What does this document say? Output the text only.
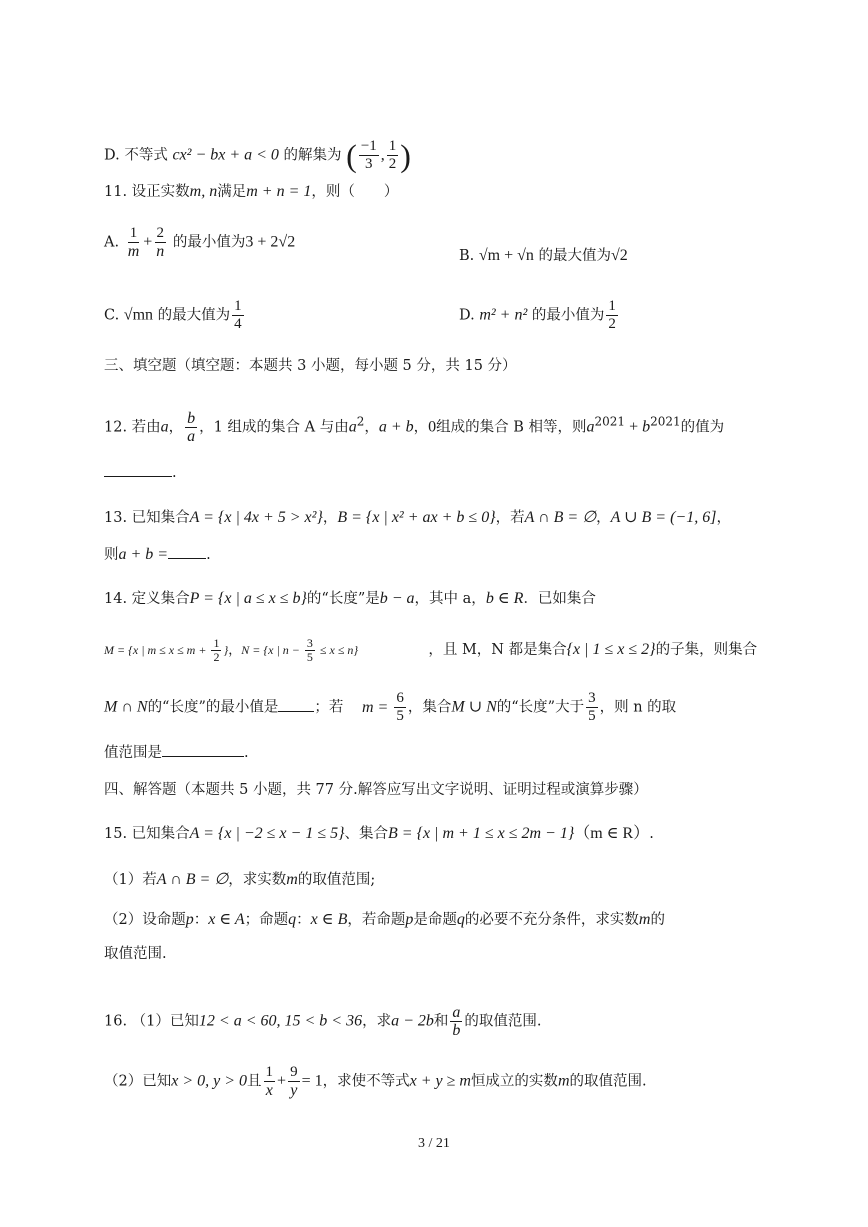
D. 不等式 cx² − bx + a < 0 的解集为 ( $\frac{-1}{3}$ , $\frac{1}{2}$ )
11. 设正实数m, n满足m + n = 1，则（　　）
A. $\frac{1}{m} + \frac{2}{n}$ 的最小值为3 + 2√2
B. √m + √n 的最大值为√2
C. √mn 的最大值为 $\frac{1}{4}$	D. m² + n² 的最小值为 $\frac{1}{2}$
三、填空题（填空题：本题共 3 小题，每小题 5 分，共 15 分）
12. 若由a， $\frac{b}{a}$ ，1 组成的集合 A 与由$a^2$，a + b，0组成的集合 B 相等，则$a^{2021} + b^{2021}$的值为
.
13. 已知集合A = {x | 4x + 5 > x²}，B = {x | x² + ax + b ≤ 0}，若A ∩ B = ∅，A ∪ B = (−1, 6]，
则a + b =	.
14. 定义集合P = {x | a ≤ x ≤ b}的“长度”是b − a，其中 a，b ∈ R．已如集合
M = {x | $m \le x \le m + \frac{1}{2}$ }，N = {x | $n - \frac{3}{5} \le x \le n$}	，且 M，N 都是集合{x | 1 ≤ x ≤ 2}的子集，则集合
M ∩ N的“长度”的最小值是 ；若 $m = \frac{6}{5}$ ，集合M ∪ N的“长度”大于 $\frac{3}{5}$ ，则 n 的取
值范围是	.
四、解答题（本题共 5 小题，共 77 分.解答应写出文字说明、证明过程或演算步骤）
15. 已知集合A = {x | −2 ≤ x − 1 ≤ 5}、集合B = {x | m + 1 ≤ x ≤ 2m − 1}（m ∈ R）.
（1）若A ∩ B = ∅，求实数m的取值范围;
（2）设命题p：x ∈ A；命题q：x ∈ B，若命题p是命题q的必要不充分条件，求实数m的
取值范围.
16. （1）已知12 < a < 60, 15 < b < 36，求a − 2b和 $\frac{a}{b}$ 的取值范围.
（2）已知x > 0, y > 0且 $\frac{1}{x} + \frac{9}{y} = 1$，求使不等式x + y ≥ m恒成立的实数m的取值范围.
3 / 21
